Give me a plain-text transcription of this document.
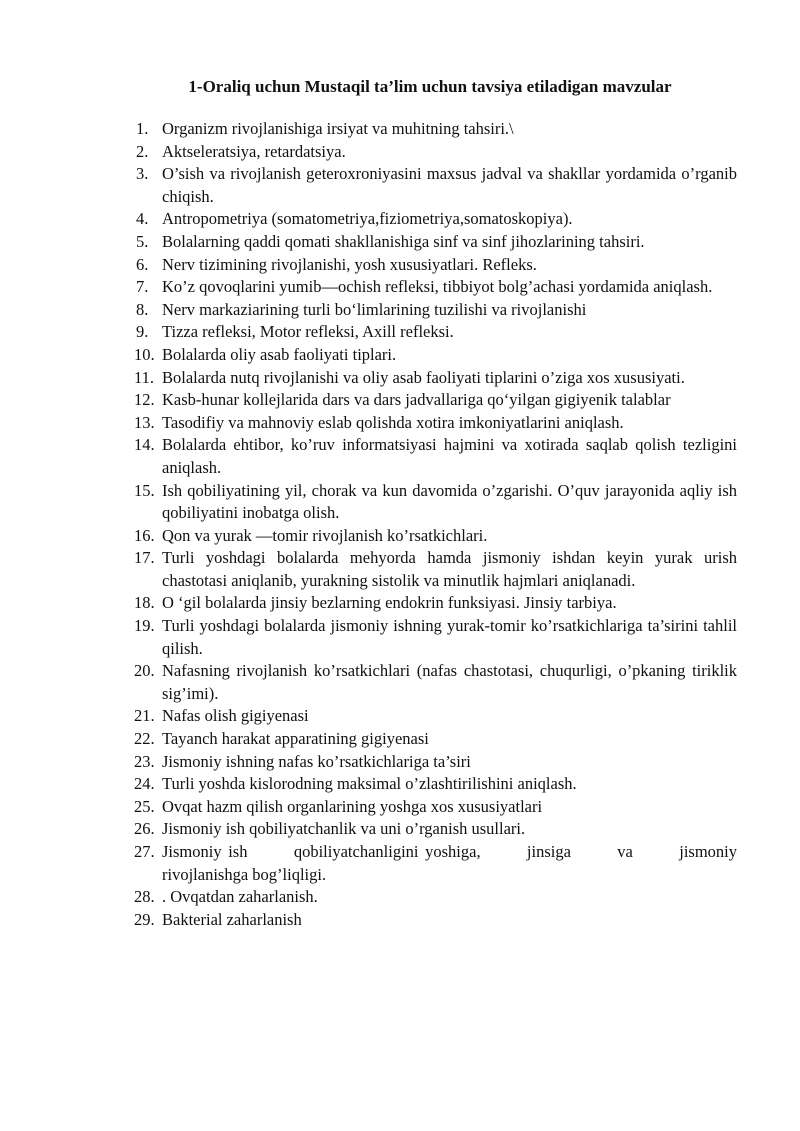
1-Oraliq uchun Mustaqil ta’lim uchun tavsiya etiladigan mavzular
1. Organizm rivojlanishiga irsiyat va muhitning tahsiri.\
2. Aktseleratsiya, retardatsiya.
3. O’sish va rivojlanish geteroxroniyasini maxsus jadval va shakllar yordamida o’rganib chiqish.
4. Antropometriya (somatometriya,fiziometriya,somatoskopiya).
5. Bolalarning qaddi qomati shakllanishiga sinf va sinf jihozlarining tahsiri.
6. Nerv tizimining rivojlanishi, yosh xususiyatlari. Refleks.
7. Ko’z qovoqlarini yumib—ochish refleksi, tibbiyot bolg’achasi yordamida aniqlash.
8. Nerv markaziarining turli bo‘limlarining tuzilishi va rivojlanishi
9. Tizza refleksi, Motor refleksi, Axill refleksi.
10. Bolalarda oliy asab faoliyati tiplari.
11. Bolalarda nutq rivojlanishi va oliy asab faoliyati tiplarini o’ziga xos xususiyati.
12. Kasb-hunar kollejlarida dars va dars jadvallariga qo‘yilgan gigiyenik talablar
13. Tasodifiy va mahnoviy eslab qolishda xotira imkoniyatlarini aniqlash.
14. Bolalarda ehtibor, ko’ruv informatsiyasi hajmini va xotirada saqlab qolish tezligini aniqlash.
15. Ish qobiliyatining yil, chorak va kun davomida o’zgarishi. O’quv jarayonida aqliy ish qobiliyatini inobatga olish.
16. Qon va yurak —tomir rivojlanish ko’rsatkichlari.
17. Turli yoshdagi bolalarda mehyorda hamda jismoniy ishdan keyin yurak urish chastotasi aniqlanib, yurakning sistolik va minutlik hajmlari aniqlanadi.
18. O ‘gil bolalarda jinsiy bezlarning endokrin funksiyasi. Jinsiy tarbiya.
19. Turli yoshdagi bolalarda jismoniy ishning yurak-tomir ko’rsatkichlariga ta’sirini tahlil qilish.
20. Nafasning rivojlanish ko’rsatkichlari (nafas chastotasi, chuqurligi, o’pkaning tiriklik sig’imi).
21. Nafas olish gigiyenasi
22. Tayanch harakat apparatining gigiyenasi
23. Jismoniy ishning nafas ko’rsatkichlariga ta’siri
24. Turli yoshda kislorodning maksimal o’zlashtirilishini aniqlash.
25. Ovqat hazm qilish organlarining yoshga xos xususiyatlari
26. Jismoniy ish qobiliyatchanlik va uni o’rganish usullari.
27. Jismoniy ish       qobiliyatchanligini yoshiga,       jinsiga       va       jismoniy rivojlanishga bog’liqligi.
28. . Ovqatdan zaharlanish.
29. Bakterial zaharlanish
